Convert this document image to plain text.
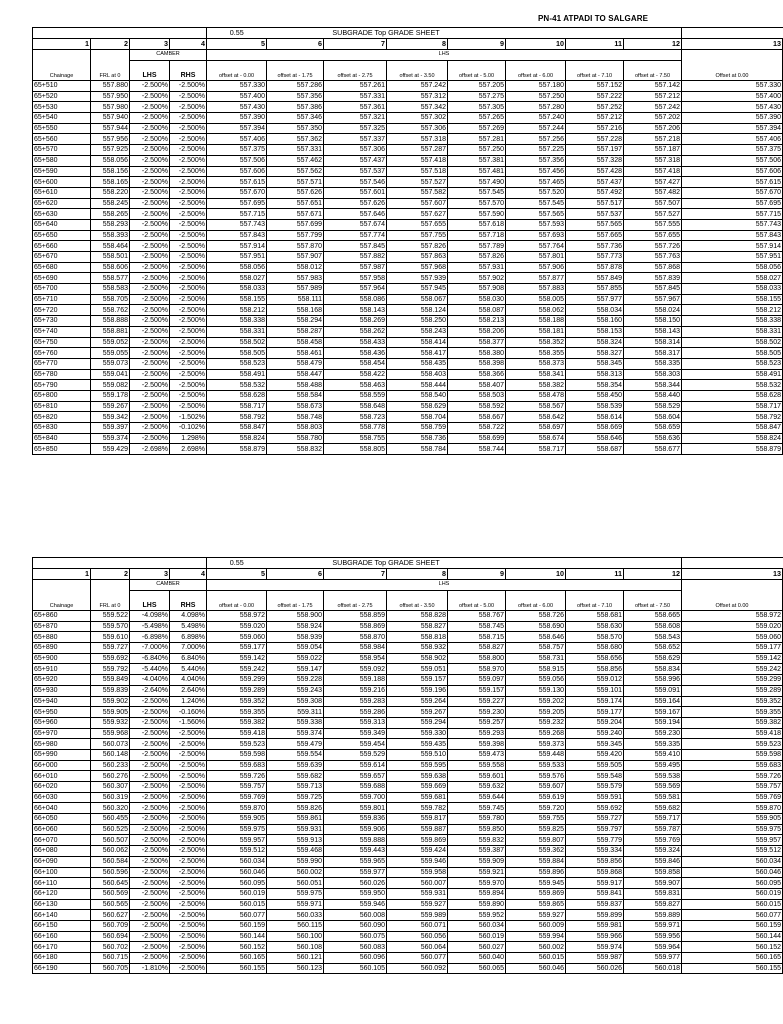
PN-41 ATPADI TO SALGARE
				0.55	SUBGRADE Top GRADE SHEET							
1	2	3	4	5	6	7	8	9	10	11	12	13
		CAMBER		LHS								
Chainage	FRL at 0	LHS	RHS	offset at - 0.00	offset at - 1.75	offset at - 2.75	offset at - 3.50	offset at - 5.00	offset at - 6.00	offset at - 7.10	offset at - 7.50	Offset at 0.00
65+510	557.880	-2.500%	-2.500%	557.330	557.286	557.261	557.242	557.205	557.180	557.152	557.142	557.330
65+520	557.950	-2.500%	-2.500%	557.400	557.356	557.331	557.312	557.275	557.250	557.222	557.212	557.400
65+530	557.980	-2.500%	-2.500%	557.430	557.386	557.361	557.342	557.305	557.280	557.252	557.242	557.430
65+540	557.940	-2.500%	-2.500%	557.390	557.346	557.321	557.302	557.265	557.240	557.212	557.202	557.390
65+550	557.944	-2.500%	-2.500%	557.394	557.350	557.325	557.306	557.269	557.244	557.216	557.206	557.394
65+560	557.956	-2.500%	-2.500%	557.406	557.362	557.337	557.318	557.281	557.256	557.228	557.218	557.406
65+570	557.925	-2.500%	-2.500%	557.375	557.331	557.306	557.287	557.250	557.225	557.197	557.187	557.375
65+580	558.056	-2.500%	-2.500%	557.506	557.462	557.437	557.418	557.381	557.356	557.328	557.318	557.506
65+590	558.156	-2.500%	-2.500%	557.606	557.562	557.537	557.518	557.481	557.456	557.428	557.418	557.606
65+600	558.165	-2.500%	-2.500%	557.615	557.571	557.546	557.527	557.490	557.465	557.437	557.427	557.615
65+610	558.220	-2.500%	-2.500%	557.670	557.626	557.601	557.582	557.545	557.520	557.492	557.482	557.670
65+620	558.245	-2.500%	-2.500%	557.695	557.651	557.626	557.607	557.570	557.545	557.517	557.507	557.695
65+630	558.265	-2.500%	-2.500%	557.715	557.671	557.646	557.627	557.590	557.565	557.537	557.527	557.715
65+640	558.293	-2.500%	-2.500%	557.743	557.699	557.674	557.655	557.618	557.593	557.565	557.555	557.743
65+650	558.393	-2.500%	-2.500%	557.843	557.799	557.774	557.755	557.718	557.693	557.665	557.655	557.843
65+660	558.464	-2.500%	-2.500%	557.914	557.870	557.845	557.826	557.789	557.764	557.736	557.726	557.914
65+670	558.501	-2.500%	-2.500%	557.951	557.907	557.882	557.863	557.826	557.801	557.773	557.763	557.951
65+680	558.606	-2.500%	-2.500%	558.056	558.012	557.987	557.968	557.931	557.906	557.878	557.868	558.056
65+690	558.577	-2.500%	-2.500%	558.027	557.983	557.958	557.939	557.902	557.877	557.849	557.839	558.027
65+700	558.583	-2.500%	-2.500%	558.033	557.989	557.964	557.945	557.908	557.883	557.855	557.845	558.033
65+710	558.705	-2.500%	-2.500%	558.155	558.111	558.086	558.067	558.030	558.005	557.977	557.967	558.155
65+720	558.762	-2.500%	-2.500%	558.212	558.168	558.143	558.124	558.087	558.062	558.034	558.024	558.212
65+730	558.888	-2.500%	-2.500%	558.338	558.294	558.269	558.250	558.213	558.188	558.160	558.150	558.338
65+740	558.881	-2.500%	-2.500%	558.331	558.287	558.262	558.243	558.206	558.181	558.153	558.143	558.331
65+750	559.052	-2.500%	-2.500%	558.502	558.458	558.433	558.414	558.377	558.352	558.324	558.314	558.502
65+760	559.055	-2.500%	-2.500%	558.505	558.461	558.436	558.417	558.380	558.355	558.327	558.317	558.505
65+770	559.073	-2.500%	-2.500%	558.523	558.479	558.454	558.435	558.398	558.373	558.345	558.335	558.523
65+780	559.041	-2.500%	-2.500%	558.491	558.447	558.422	558.403	558.366	558.341	558.313	558.303	558.491
65+790	559.082	-2.500%	-2.500%	558.532	558.488	558.463	558.444	558.407	558.382	558.354	558.344	558.532
65+800	559.178	-2.500%	-2.500%	558.628	558.584	558.559	558.540	558.503	558.478	558.450	558.440	558.628
65+810	559.267	-2.500%	-2.500%	558.717	558.673	558.648	558.629	558.592	558.567	558.539	558.529	558.717
65+820	559.342	-2.500%	-1.502%	558.792	558.748	558.723	558.704	558.667	558.642	558.614	558.604	558.792
65+830	559.397	-2.500%	-0.102%	558.847	558.803	558.778	558.759	558.722	558.697	558.669	558.659	558.847
65+840	559.374	-2.500%	1.298%	558.824	558.780	558.755	558.736	558.699	558.674	558.646	558.636	558.824
65+850	559.429	-2.698%	2.698%	558.879	558.832	558.805	558.784	558.744	558.717	558.687	558.677	558.879
				0.55	SUBGRADE Top GRADE SHEET							
1	2	3	4	5	6	7	8	9	10	11	12	13
		CAMBER		LHS								
Chainage	FRL at 0	LHS	RHS	offset at - 0.00	offset at - 1.75	offset at - 2.75	offset at - 3.50	offset at - 5.00	offset at - 6.00	offset at - 7.10	offset at - 7.50	Offset at 0.00
65+860	559.522	-4.098%	4.098%	558.972	558.900	558.859	558.828	558.767	558.726	558.681	558.665	558.972
65+870	559.570	-5.498%	5.498%	559.020	558.924	558.869	558.827	558.745	558.690	558.630	558.608	559.020
65+880	559.610	-6.898%	6.898%	559.060	558.939	558.870	558.818	558.715	558.646	558.570	558.543	559.060
65+890	559.727	-7.000%	7.000%	559.177	559.054	558.984	558.932	558.827	558.757	558.680	558.652	559.177
65+900	559.692	-6.840%	6.840%	559.142	559.022	558.954	558.902	558.800	558.731	558.656	558.629	559.142
65+910	559.792	-5.440%	5.440%	559.242	559.147	559.092	559.051	558.970	558.915	558.856	558.834	559.242
65+920	559.849	-4.040%	4.040%	559.299	559.228	559.188	559.157	559.097	559.056	559.012	558.996	559.299
65+930	559.839	-2.640%	2.640%	559.289	559.243	559.216	559.196	559.157	559.130	559.101	559.091	559.289
65+940	559.902	-2.500%	1.240%	559.352	559.308	559.283	559.264	559.227	559.202	559.174	559.164	559.352
65+950	559.905	-2.500%	-0.160%	559.355	559.311	559.286	559.267	559.230	559.205	559.177	559.167	559.355
65+960	559.932	-2.500%	-1.560%	559.382	559.338	559.313	559.294	559.257	559.232	559.204	559.194	559.382
65+970	559.968	-2.500%	-2.500%	559.418	559.374	559.349	559.330	559.293	559.268	559.240	559.230	559.418
65+980	560.073	-2.500%	-2.500%	559.523	559.479	559.454	559.435	559.398	559.373	559.345	559.335	559.523
65+990	560.148	-2.500%	-2.500%	559.598	559.554	559.529	559.510	559.473	559.448	559.420	559.410	559.598
66+000	560.233	-2.500%	-2.500%	559.683	559.639	559.614	559.595	559.558	559.533	559.505	559.495	559.683
66+010	560.276	-2.500%	-2.500%	559.726	559.682	559.657	559.638	559.601	559.576	559.548	559.538	559.726
66+020	560.307	-2.500%	-2.500%	559.757	559.713	559.688	559.669	559.632	559.607	559.579	559.569	559.757
66+030	560.319	-2.500%	-2.500%	559.769	559.725	559.700	559.681	559.644	559.619	559.591	559.581	559.769
66+040	560.320	-2.500%	-2.500%	559.870	559.826	559.801	559.782	559.745	559.720	559.692	559.682	559.870
66+050	560.455	-2.500%	-2.500%	559.905	559.861	559.836	559.817	559.780	559.755	559.727	559.717	559.905
66+060	560.525	-2.500%	-2.500%	559.975	559.931	559.906	559.887	559.850	559.825	559.797	559.787	559.975
66+070	560.507	-2.500%	-2.500%	559.957	559.913	559.888	559.869	559.832	559.807	559.779	559.769	559.957
66+080	560.062	-2.500%	-2.500%	559.512	559.468	559.443	559.424	559.387	559.362	559.334	559.324	559.512
66+090	560.584	-2.500%	-2.500%	560.034	559.990	559.965	559.946	559.909	559.884	559.856	559.846	560.034
66+100	560.596	-2.500%	-2.500%	560.046	560.002	559.977	559.958	559.921	559.896	559.868	559.858	560.046
66+110	560.645	-2.500%	-2.500%	560.095	560.051	560.026	560.007	559.970	559.945	559.917	559.907	560.095
66+120	560.569	-2.500%	-2.500%	560.019	559.975	559.950	559.931	559.894	559.869	559.841	559.831	560.019
66+130	560.565	-2.500%	-2.500%	560.015	559.971	559.946	559.927	559.890	559.865	559.837	559.827	560.015
66+140	560.627	-2.500%	-2.500%	560.077	560.033	560.008	559.989	559.952	559.927	559.899	559.889	560.077
66+150	560.709	-2.500%	-2.500%	560.159	560.115	560.090	560.071	560.034	560.009	559.981	559.971	560.159
66+160	560.694	-2.500%	-2.500%	560.144	560.100	560.075	560.056	560.019	559.994	559.966	559.956	560.144
66+170	560.702	-2.500%	-2.500%	560.152	560.108	560.083	560.064	560.027	560.002	559.974	559.964	560.152
66+180	560.715	-2.500%	-2.500%	560.165	560.121	560.096	560.077	560.040	560.015	559.987	559.977	560.165
66+190	560.705	-1.810%	-2.500%	560.155	560.123	560.105	560.092	560.065	560.046	560.026	560.018	560.155
